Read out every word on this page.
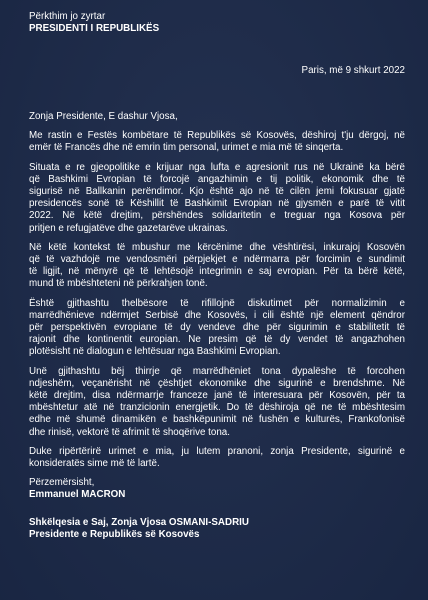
Përkthim jo zyrtar
PRESIDENTI I REPUBLIKËS
Paris, më 9 shkurt 2022
Zonja Presidente, E dashur Vjosa,
Me rastin e Festës kombëtare të Republikës së Kosovës, dëshiroj t'ju dërgoj, në
emër të Francës dhe në emrin tim personal, urimet e mia më të sinqerta.
Situata e re gjeopolitike e krijuar nga lufta e agresionit rus në Ukrainë ka bërë
që Bashkimi Evropian të forcojë angazhimin e tij politik, ekonomik dhe të
sigurisë në Ballkanin perëndimor. Kjo është ajo në të cilën jemi fokusuar gjatë
presidencës sonë të Këshillit të Bashkimit Evropian në gjysmën e parë të vitit
2022. Në këtë drejtim, përshëndes solidaritetin e treguar nga Kosova për
pritjen e refugjatëve dhe gazetarëve ukrainas.
Në këtë kontekst të mbushur me kërcënime dhe vështirësi, inkurajoj Kosovën
që të vazhdojë me vendosmëri përpjekjet e ndërmarra për forcimin e sundimit
të ligjit, në mënyrë që të lehtësojë integrimin e saj evropian. Për ta bërë këtë,
mund të mbështeteni në përkrahjen tonë.
Është gjithashtu thelbësore të rifillojnë diskutimet për normalizimin e
marrëdhënieve ndërmjet Serbisë dhe Kosovës, i cili është një element qëndror
për perspektivën evropiane të dy vendeve dhe për sigurimin e stabilitetit të
rajonit dhe kontinentit europian. Ne presim që të dy vendet të angazhohen
plotësisht në dialogun e lehtësuar nga Bashkimi Evropian.
Unë gjithashtu bëj thirrje që marrëdhëniet tona dypalëshe të forcohen
ndjeshëm, veçanërisht në çështjet ekonomike dhe sigurinë e brendshme. Në
këtë drejtim, disa ndërmarrje franceze janë të interesuara për Kosovën, për ta
mbështetur atë në tranzicionin energjetik. Do të dëshiroja që ne të mbështesim
edhe më shumë dinamikën e bashkëpunimit në fushën e kulturës, Frankofonisë
dhe rinisë, vektorë të afrimit të shoqërive tona.
Duke ripërtërirë urimet e mia, ju lutem pranoni, zonja Presidente, sigurinë e
konsideratës sime më të lartë.
Përzemërsisht,
Emmanuel MACRON
Shkëlqesia e Saj, Zonja Vjosa OSMANI-SADRIU
Presidente e Republikës së Kosovës
